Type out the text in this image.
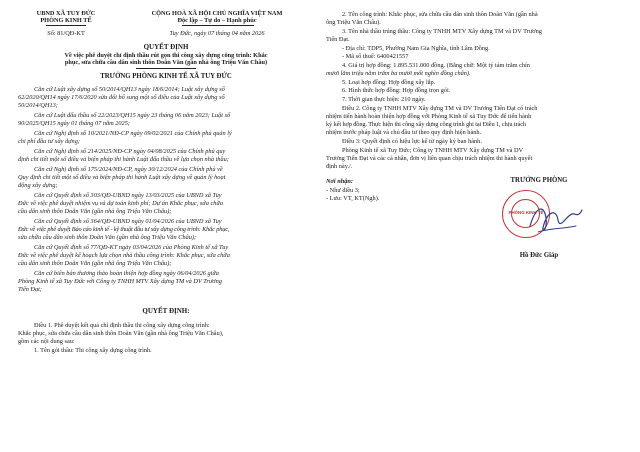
UBND XÃ TUY ĐỨC
PHÒNG KINH TẾ
Số: 81/QĐ-KT
CỘNG HOÀ XÃ HỘI CHỦ NGHĨA VIỆT NAM
Độc lập – Tự do – Hạnh phúc
Tuy Đức, ngày 07 tháng 04 năm 2026
QUYẾT ĐỊNH
Về việc phê duyệt chỉ định thầu rút gọn thi công xây dựng công trình: Khắc
phục, sửa chữa cầu dân sinh thôn Doãn Văn (gần nhà ông Triệu Văn Châu)
TRƯỞNG PHÒNG KINH TẾ XÃ TUY ĐỨC
Căn cứ Luật xây dựng số 50/2014/QH13 ngày 18/6/2014; Luật xây dựng số
62/2020/QH14 ngày 17/6/2020 sửa đổi bổ sung một số điều của Luật xây dựng số
50/2014/QH13;
Căn cứ Luật đấu thầu số 22/2023/QH15 ngày 23 tháng 06 năm 2023; Luật số
90/2025/QH15 ngày 01 tháng 07 năm 2025;
Căn cứ Nghị định số 10/2021/NĐ-CP ngày 09/02/2021 của Chính phủ quản lý
chi phí đầu tư xây dựng;
Căn cứ Nghị định số 214/2025/NĐ-CP ngày 04/08/2025 của Chính phủ quy
định chi tiết một số điều và biện pháp thi hành Luật đấu thầu về lựa chọn nhà thầu;
Căn cứ Nghị định số 175/2024/NĐ-CP, ngày 30/12/2024 của Chính phủ về
Quy định chi tiết một số điều và biện pháp thi hành Luật xây dựng về quản lý hoạt
động xây dựng;
Căn cứ Quyết định số 303/QĐ-UBND ngày 13/03/2025 của UBND xã Tuy
Đức về việc phê duyệt nhiệm vụ và dự toán kinh phí; Dự án Khắc phục, sửa chữa
cầu dân sinh thôn Doãn Văn (gần nhà ông Triệu Văn Châu);
Căn cứ Quyết định số 364/QĐ-UBND ngày 01/04/2026 của UBND xã Tuy
Đức về việc phê duyệt Báo cáo kinh tế - kỹ thuật đầu tư xây dựng công trình: Khắc phục,
sửa chữa cầu dân sinh thôn Doãn Văn (gần nhà ông Triệu Văn Châu);
Căn cứ Quyết định số 77/QĐ-KT ngày 03/04/2026 của Phòng Kinh tế xã Tuy
Đức về việc phê duyệt kế hoạch lựa chọn nhà thầu công trình: Khắc phục, sửa chữa
cầu dân sinh thôn Doãn Văn (gần nhà ông Triệu Văn Châu);
Căn cứ biên bản thương thảo hoàn thiện hợp đồng ngày 06/04/2026 giữa
Phòng Kinh tế xã Tuy Đức với Công ty TNHH MTV Xây dựng TM và DV Trương
Tiến Đạt;
QUYẾT ĐỊNH:
Điều 1. Phê duyệt kết quả chỉ định thầu thi công xây dựng công trình:
Khắc phục, sửa chữa cầu dân sinh thôn Doãn Văn (gần nhà ông Triệu Văn Châu),
gồm các nội dung sau:
1. Tên gói thầu: Thi công xây dựng công trình.
2. Tên công trình: Khắc phục, sửa chữa cầu dân sinh thôn Doãn Văn (gần nhà
ông Triệu Văn Châu).
3. Tên nhà thầu trúng thầu: Công ty TNHH MTV Xây dựng TM và DV Trương
Tiến Đạt.
- Địa chỉ: TDP5, Phường Nam Gia Nghĩa, tỉnh Lâm Đồng.
- Mã số thuế: 6400421557
4. Giá trị hợp đồng: 1.895.531.000 đồng. (Bằng chữ: Một tỷ tám trăm chín
mươi lăm triệu năm trăm ba mươi mốt nghìn đồng chẵn).
5. Loại hợp đồng: Hợp đồng xây lắp.
6. Hình thức hợp đồng: Hợp đồng trọn gói.
7. Thời gian thực hiện: 210 ngày.
Điều 2. Công ty TNHH MTV Xây dựng TM và DV Trương Tiến Đạt có trách
nhiệm tiến hành hoàn thiện hợp đồng với Phòng Kinh tế xã Tuy Đức để tiến hành
ký kết hợp đồng. Thực hiện thi công xây dựng công trình ghi tại Điều 1, chịu trách
nhiệm trước pháp luật và chủ đầu tư theo quy định hiện hành.
Điều 3: Quyết định có hiệu lực kể từ ngày ký ban hành.
Phòng Kinh tế xã Tuy Đức; Công ty TNHH MTV Xây dựng TM và DV
Trương Tiến Đạt và các cá nhân, đơn vị liên quan chịu trách nhiệm thi hành quyết
định này./.
Nơi nhận:
- Như điều 3;
- Lưu: VT, KT(Ngh).
TRƯỞNG PHÒNG
PHÒNG KINH TẾ
Hồ Đức Giáp
